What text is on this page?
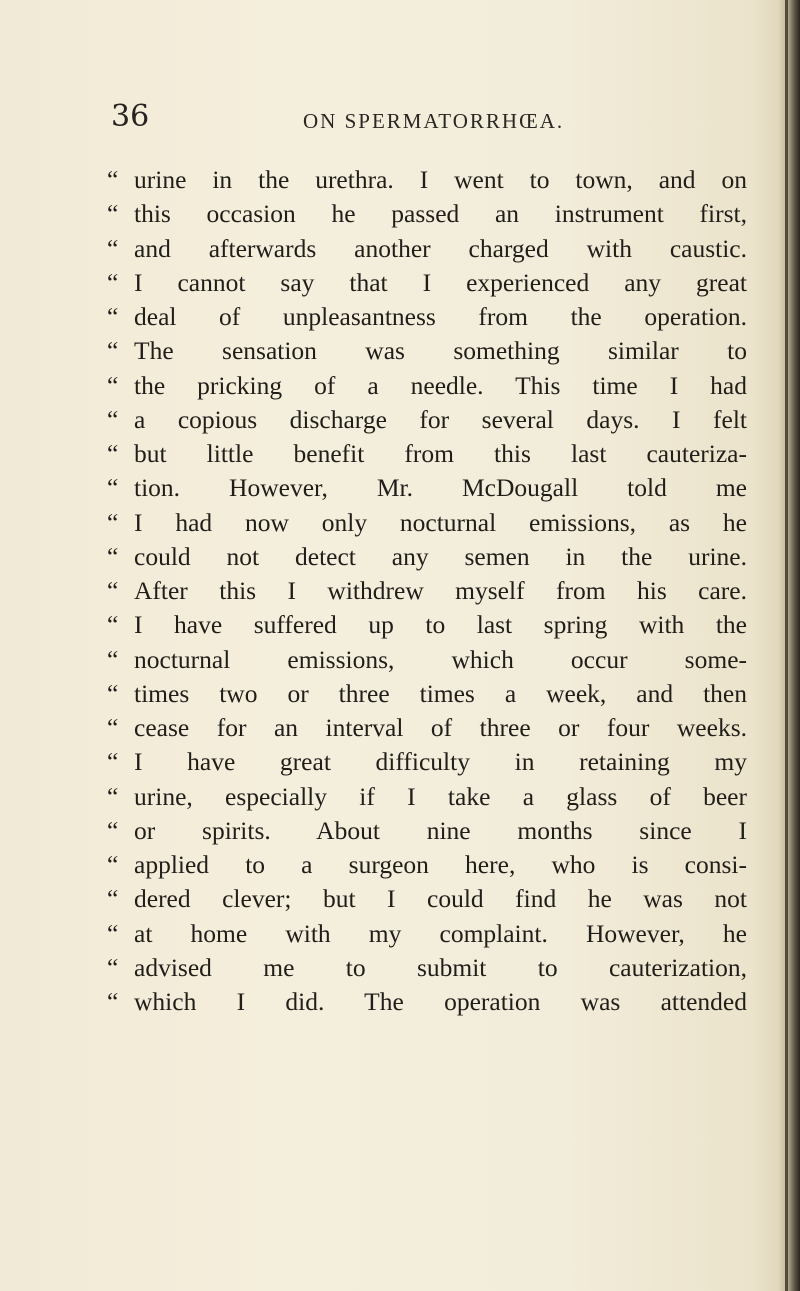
36	ON SPERMATORRHŒA.
“ urine in the urethra. I went to town, and on
“ this occasion he passed an instrument first,
“ and afterwards another charged with caustic.
“ I cannot say that I experienced any great
“ deal of unpleasantness from the operation.
“ The sensation was something similar to
“ the pricking of a needle. This time I had
“ a copious discharge for several days. I felt
“ but little benefit from this last cauteriza-
“ tion. However, Mr. McDougall told me
“ I had now only nocturnal emissions, as he
“ could not detect any semen in the urine.
“ After this I withdrew myself from his care.
“ I have suffered up to last spring with the
“ nocturnal emissions, which occur some-
“ times two or three times a week, and then
“ cease for an interval of three or four weeks.
“ I have great difficulty in retaining my
“ urine, especially if I take a glass of beer
“ or spirits. About nine months since I
“ applied to a surgeon here, who is consi-
“ dered clever; but I could find he was not
“ at home with my complaint. However, he
“ advised me to submit to cauterization,
“ which I did. The operation was attended
